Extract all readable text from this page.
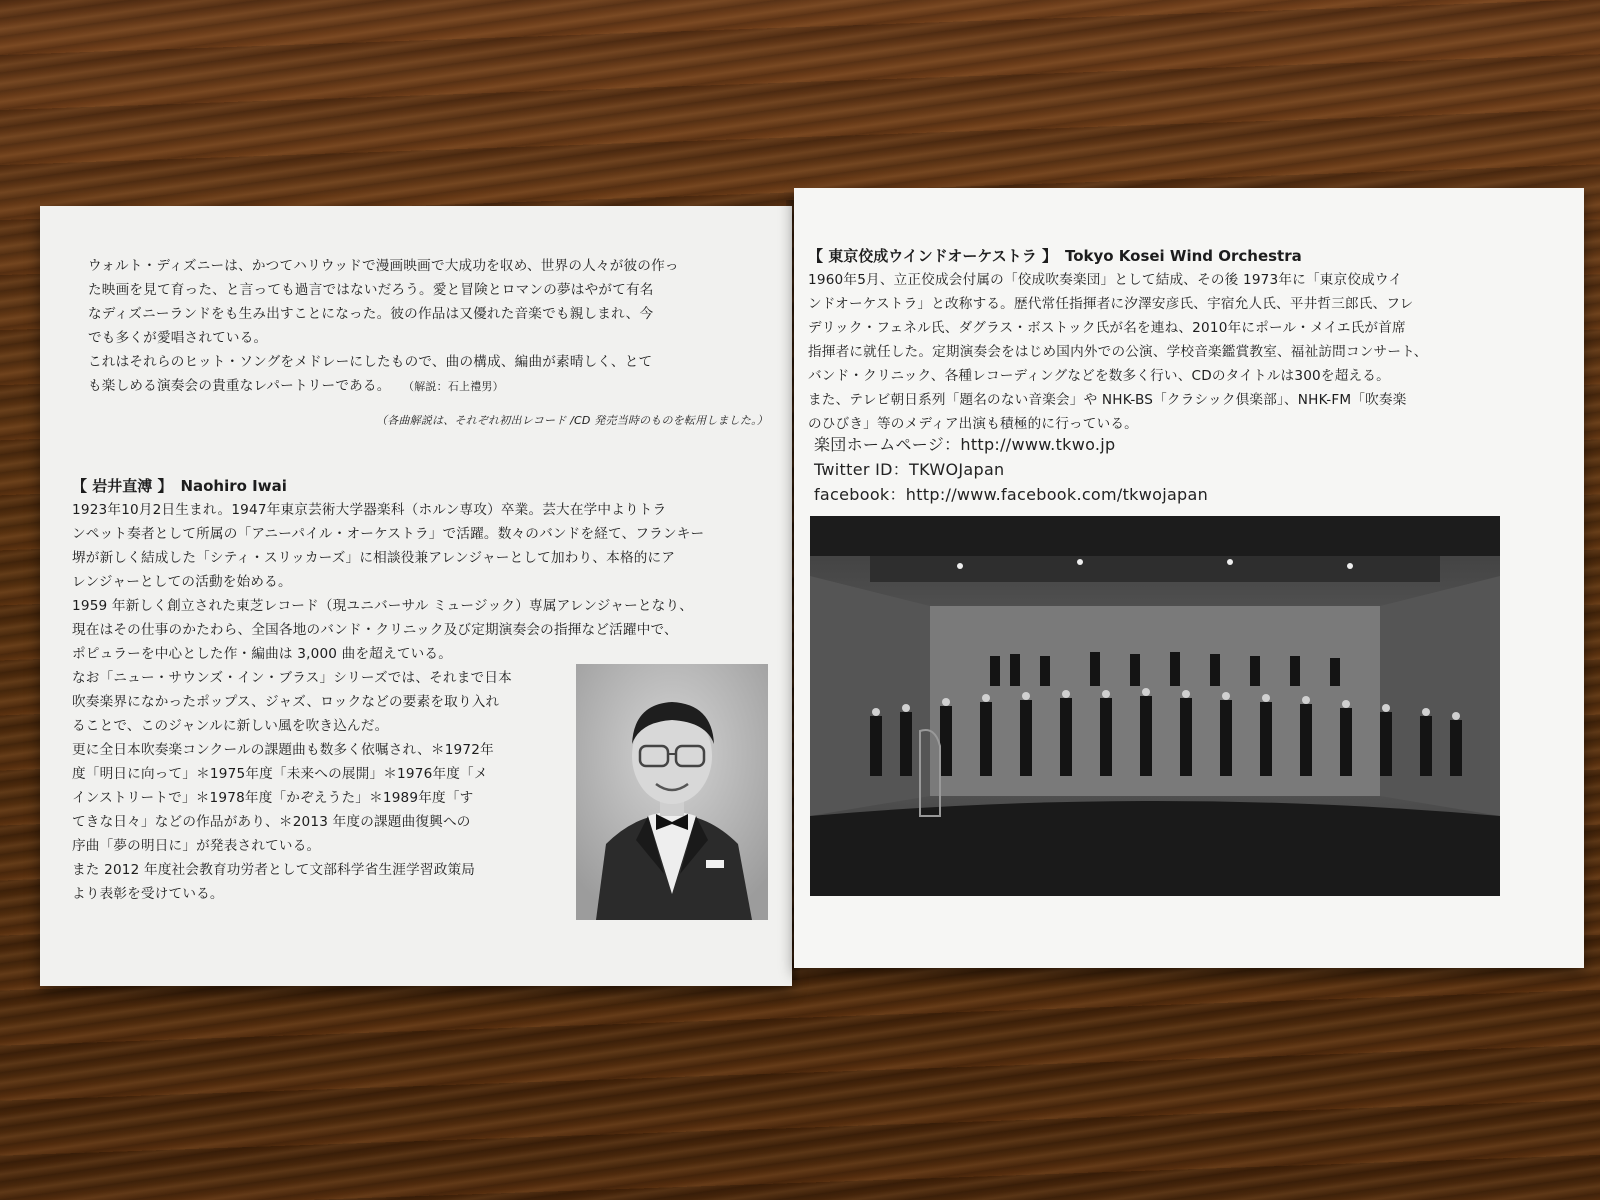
ウォルト・ディズニーは、かつてハリウッドで漫画映画で大成功を収め、世界の人々が彼の作っ

た映画を見て育った、と言っても過言ではないだろう。愛と冒険とロマンの夢はやがて有名

なディズニーランドをも生み出すことになった。彼の作品は又優れた音楽でも親しまれ、今

でも多くが愛唱されている。

これはそれらのヒット・ソングをメドレーにしたもので、曲の構成、編曲が素晴しく、とて

も楽しめる演奏会の貴重なレパートリーである。 （解説：石上禮男）

（各曲解説は、それぞれ初出レコード /CD 発売当時のものを転用しました。）

【 岩井直溥 】 Naohiro Iwai

1923年10月2日生まれ。1947年東京芸術大学器楽科（ホルン専攻）卒業。芸大在学中よりトラ

ンペット奏者として所属の「アニーパイル・オーケストラ」で活躍。数々のバンドを経て、フランキー

堺が新しく結成した「シティ・スリッカーズ」に相談役兼アレンジャーとして加わり、本格的にア

レンジャーとしての活動を始める。

1959 年新しく創立された東芝レコード（現ユニバーサル ミュージック）専属アレンジャーとなり、

現在はその仕事のかたわら、全国各地のバンド・クリニック及び定期演奏会の指揮など活躍中で、

ポピュラーを中心とした作・編曲は 3,000 曲を超えている。

なお「ニュー・サウンズ・イン・ブラス」シリーズでは、それまで日本

吹奏楽界になかったポップス、ジャズ、ロックなどの要素を取り入れ

ることで、このジャンルに新しい風を吹き込んだ。

更に全日本吹奏楽コンクールの課題曲も数多く依嘱され、＊1972年

度「明日に向って」＊1975年度「未来への展開」＊1976年度「メ

インストリートで」＊1978年度「かぞえうた」＊1989年度「す

てきな日々」などの作品があり、＊2013 年度の課題曲復興への

序曲「夢の明日に」が発表されている。

また 2012 年度社会教育功労者として文部科学省生涯学習政策局

より表彰を受けている。

【 東京佼成ウインドオーケストラ 】 Tokyo Kosei Wind Orchestra

1960年5月、立正佼成会付属の「佼成吹奏楽団」として結成、その後 1973年に「東京佼成ウイ

ンドオーケストラ」と改称する。歴代常任指揮者に汐澤安彦氏、宇宿允人氏、平井哲三郎氏、フレ

デリック・フェネル氏、ダグラス・ボストック氏が名を連ね、2010年にポール・メイエ氏が首席

指揮者に就任した。定期演奏会をはじめ国内外での公演、学校音楽鑑賞教室、福祉訪問コンサート、

バンド・クリニック、各種レコーディングなどを数多く行い、CDのタイトルは300を超える。

また、テレビ朝日系列「題名のない音楽会」や NHK-BS「クラシック倶楽部」、NHK-FM「吹奏楽

のひびき」等のメディア出演も積極的に行っている。

楽団ホームページ：http://www.tkwo.jp

Twitter ID：TKWOJapan

facebook：http://www.facebook.com/tkwojapan
